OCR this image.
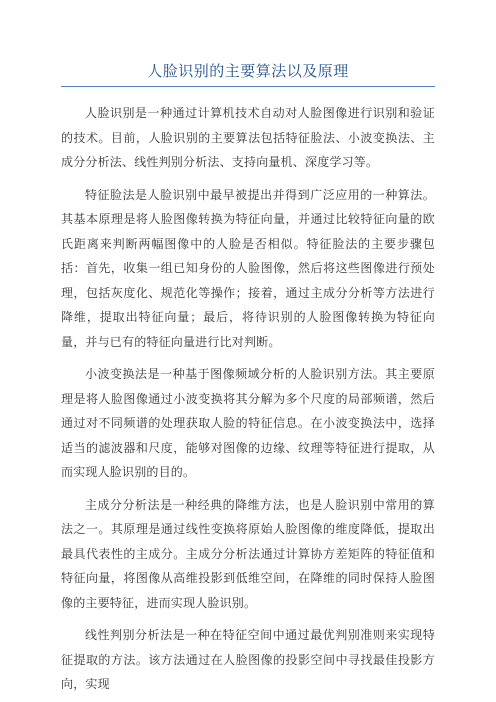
人脸识别的主要算法以及原理

人脸识别是一种通过计算机技术自动对人脸图像进行识别和验证的技术。目前，人脸识别的主要算法包括特征脸法、小波变换法、主成分分析法、线性判别分析法、支持向量机、深度学习等。

特征脸法是人脸识别中最早被提出并得到广泛应用的一种算法。其基本原理是将人脸图像转换为特征向量，并通过比较特征向量的欧氏距离来判断两幅图像中的人脸是否相似。特征脸法的主要步骤包括：首先，收集一组已知身份的人脸图像，然后将这些图像进行预处理，包括灰度化、规范化等操作；接着，通过主成分分析等方法进行降维，提取出特征向量；最后，将待识别的人脸图像转换为特征向量，并与已有的特征向量进行比对判断。

小波变换法是一种基于图像频域分析的人脸识别方法。其主要原理是将人脸图像通过小波变换将其分解为多个尺度的局部频谱，然后通过对不同频谱的处理获取人脸的特征信息。在小波变换法中，选择适当的滤波器和尺度，能够对图像的边缘、纹理等特征进行提取，从而实现人脸识别的目的。

主成分分析法是一种经典的降维方法，也是人脸识别中常用的算法之一。其原理是通过线性变换将原始人脸图像的维度降低，提取出最具代表性的主成分。主成分分析法通过计算协方差矩阵的特征值和特征向量，将图像从高维投影到低维空间，在降维的同时保持人脸图像的主要特征，进而实现人脸识别。

线性判别分析法是一种在特征空间中通过最优判别准则来实现特征提取的方法。该方法通过在人脸图像的投影空间中寻找最佳投影方向，实现
